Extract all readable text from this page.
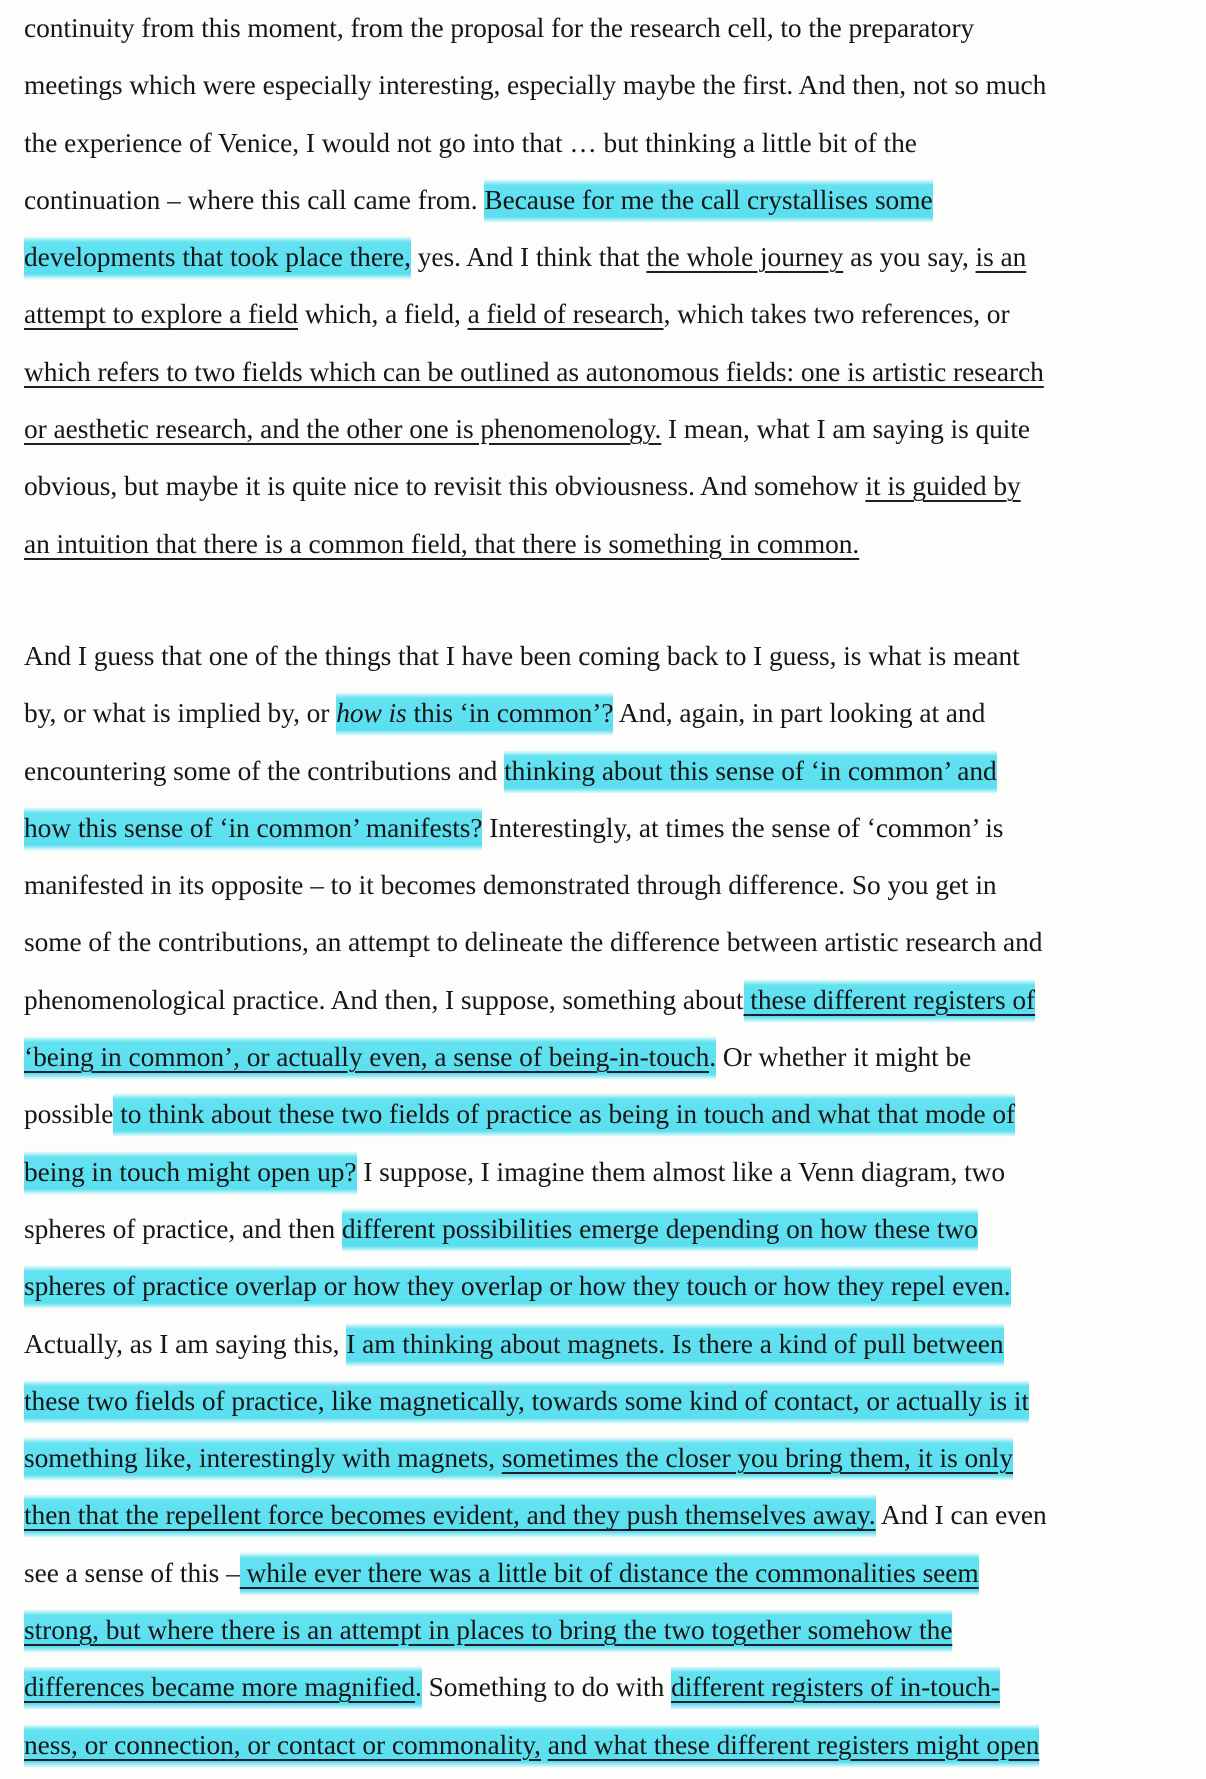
continuity from this moment, from the proposal for the research cell, to the preparatory
meetings which were especially interesting, especially maybe the first. And then, not so much
the experience of Venice, I would not go into that … but thinking a little bit of the
continuation – where this call came from. Because for me the call crystallises some
developments that took place there, yes. And I think that the whole journey as you say, is an
attempt to explore a field which, a field, a field of research, which takes two references, or
which refers to two fields which can be outlined as autonomous fields: one is artistic research
or aesthetic research, and the other one is phenomenology. I mean, what I am saying is quite
obvious, but maybe it is quite nice to revisit this obviousness. And somehow it is guided by
an intuition that there is a common field, that there is something in common.
And I guess that one of the things that I have been coming back to I guess, is what is meant
by, or what is implied by, or how is this ‘in common’? And, again, in part looking at and
encountering some of the contributions and thinking about this sense of ‘in common’ and
how this sense of ‘in common’ manifests? Interestingly, at times the sense of ‘common’ is
manifested in its opposite – to it becomes demonstrated through difference. So you get in
some of the contributions, an attempt to delineate the difference between artistic research and
phenomenological practice. And then, I suppose, something about these different registers of
‘being in common’, or actually even, a sense of being-in-touch. Or whether it might be
possible to think about these two fields of practice as being in touch and what that mode of
being in touch might open up? I suppose, I imagine them almost like a Venn diagram, two
spheres of practice, and then different possibilities emerge depending on how these two
spheres of practice overlap or how they overlap or how they touch or how they repel even.
Actually, as I am saying this, I am thinking about magnets. Is there a kind of pull between
these two fields of practice, like magnetically, towards some kind of contact, or actually is it
something like, interestingly with magnets, sometimes the closer you bring them, it is only
then that the repellent force becomes evident, and they push themselves away. And I can even
see a sense of this – while ever there was a little bit of distance the commonalities seem
strong, but where there is an attempt in places to bring the two together somehow the
differences became more magnified. Something to do with different registers of in-touch-
ness, or connection, or contact or commonality, and what these different registers might open
